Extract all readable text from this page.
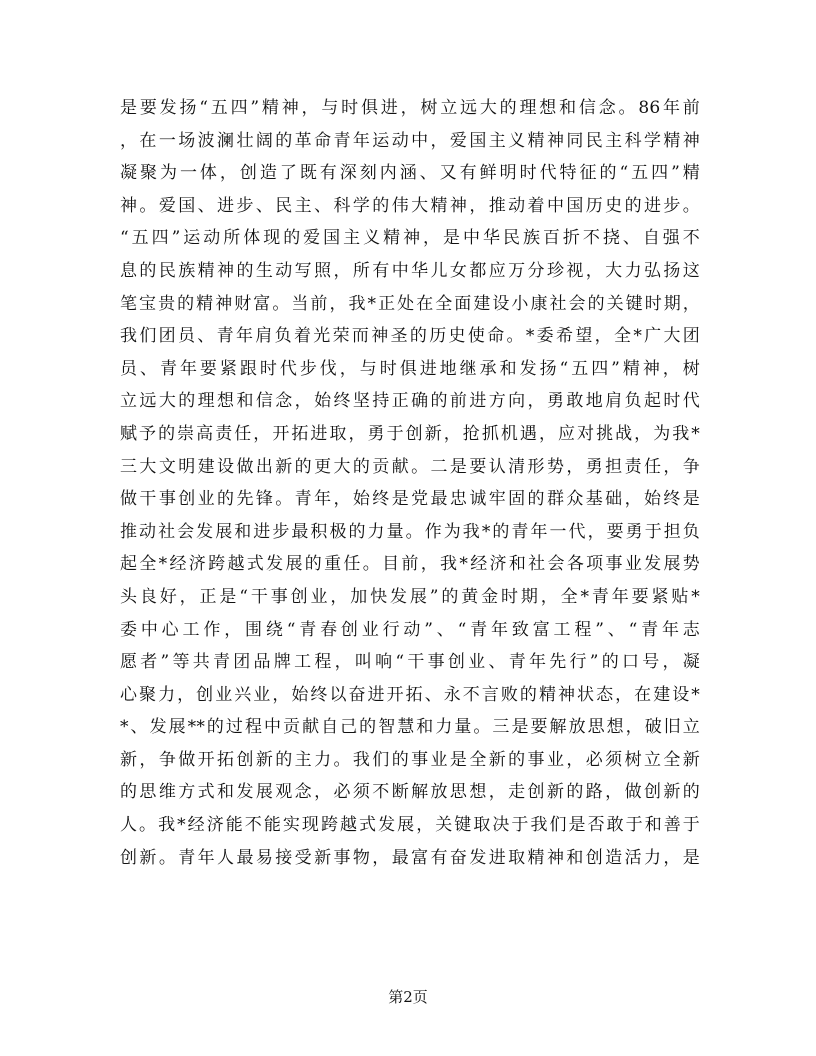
是要发扬“五四”精神，与时俱进，树立远大的理想和信念。86年前
，在一场波澜壮阔的革命青年运动中，爱国主义精神同民主科学精神
凝聚为一体，创造了既有深刻内涵、又有鲜明时代特征的“五四”精
神。爱国、进步、民主、科学的伟大精神，推动着中国历史的进步。
“五四”运动所体现的爱国主义精神，是中华民族百折不挠、自强不
息的民族精神的生动写照，所有中华儿女都应万分珍视，大力弘扬这
笔宝贵的精神财富。当前，我*正处在全面建设小康社会的关键时期，
我们团员、青年肩负着光荣而神圣的历史使命。*委希望，全*广大团
员、青年要紧跟时代步伐，与时俱进地继承和发扬“五四”精神，树
立远大的理想和信念，始终坚持正确的前进方向，勇敢地肩负起时代
赋予的崇高责任，开拓进取，勇于创新，抢抓机遇，应对挑战，为我*
三大文明建设做出新的更大的贡献。二是要认清形势，勇担责任，争
做干事创业的先锋。青年，始终是党最忠诚牢固的群众基础，始终是
推动社会发展和进步最积极的力量。作为我*的青年一代，要勇于担负
起全*经济跨越式发展的重任。目前，我*经济和社会各项事业发展势
头良好，正是“干事创业，加快发展”的黄金时期，全*青年要紧贴*
委中心工作，围绕“青春创业行动”、“青年致富工程”、“青年志
愿者”等共青团品牌工程，叫响“干事创业、青年先行”的口号，凝
心聚力，创业兴业，始终以奋进开拓、永不言败的精神状态，在建设*
*、发展**的过程中贡献自己的智慧和力量。三是要解放思想，破旧立
新，争做开拓创新的主力。我们的事业是全新的事业，必须树立全新
的思维方式和发展观念，必须不断解放思想，走创新的路，做创新的
人。我*经济能不能实现跨越式发展，关键取决于我们是否敢于和善于
创新。青年人最易接受新事物，最富有奋发进取精神和创造活力，是
第2页
